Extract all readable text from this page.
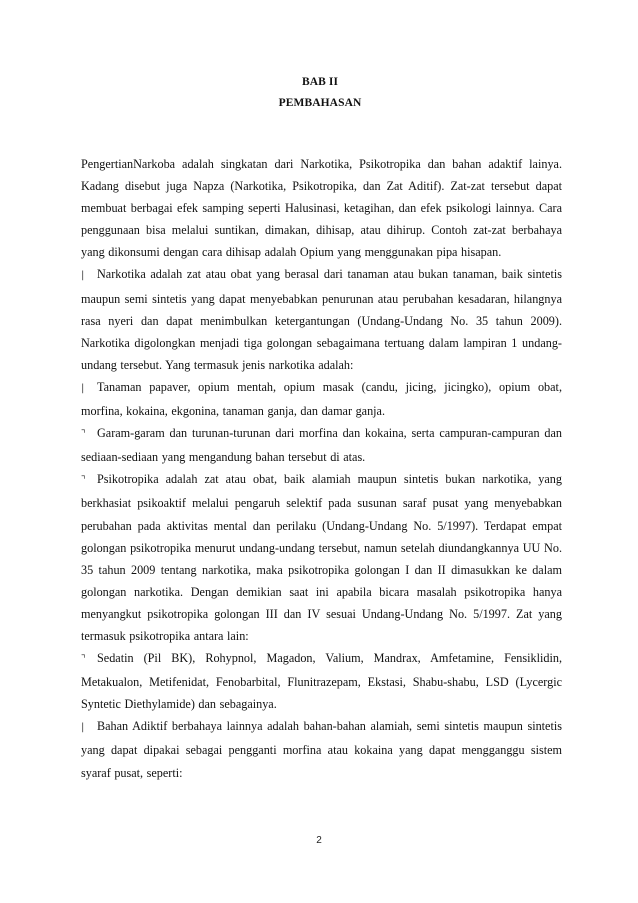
BAB II
PEMBAHASAN

PengertianNarkoba adalah singkatan dari Narkotika, Psikotropika dan bahan adaktif lainya. Kadang disebut juga Napza (Narkotika, Psikotropika, dan Zat Aditif). Zat-zat tersebut dapat membuat berbagai efek samping seperti Halusinasi, ketagihan, dan efek psikologi lainnya. Cara penggunaan bisa melalui suntikan, dimakan, dihisap, atau dihirup. Contoh zat-zat berbahaya yang dikonsumi dengan cara dihisap adalah Opium yang menggunakan pipa hisapan.

| Narkotika adalah zat atau obat yang berasal dari tanaman atau bukan tanaman, baik sintetis maupun semi sintetis yang dapat menyebabkan penurunan atau perubahan kesadaran, hilangnya rasa nyeri dan dapat menimbulkan ketergantungan (Undang-Undang No. 35 tahun 2009). Narkotika digolongkan menjadi tiga golongan sebagaimana tertuang dalam lampiran 1 undang-undang tersebut. Yang termasuk jenis narkotika adalah:

| Tanaman papaver, opium mentah, opium masak (candu, jicing, jicingko), opium obat, morfina, kokaina, ekgonina, tanaman ganja, dan damar ganja.

⌝ Garam-garam dan turunan-turunan dari morfina dan kokaina, serta campuran-campuran dan sediaan-sediaan yang mengandung bahan tersebut di atas.

⌝ Psikotropika adalah zat atau obat, baik alamiah maupun sintetis bukan narkotika, yang berkhasiat psikoaktif melalui pengaruh selektif pada susunan saraf pusat yang menyebabkan perubahan pada aktivitas mental dan perilaku (Undang-Undang No. 5/1997). Terdapat empat golongan psikotropika menurut undang-undang tersebut, namun setelah diundangkannya UU No. 35 tahun 2009 tentang narkotika, maka psikotropika golongan I dan II dimasukkan ke dalam golongan narkotika. Dengan demikian saat ini apabila bicara masalah psikotropika hanya menyangkut psikotropika golongan III dan IV sesuai Undang-Undang No. 5/1997. Zat yang termasuk psikotropika antara lain:

⌝ Sedatin (Pil BK), Rohypnol, Magadon, Valium, Mandrax, Amfetamine, Fensiklidin, Metakualon, Metifenidat, Fenobarbital, Flunitrazepam, Ekstasi, Shabu-shabu, LSD (Lycergic Syntetic Diethylamide) dan sebagainya.

| Bahan Adiktif berbahaya lainnya adalah bahan-bahan alamiah, semi sintetis maupun sintetis yang dapat dipakai sebagai pengganti morfina atau kokaina yang dapat mengganggu sistem syaraf pusat, seperti:

2
